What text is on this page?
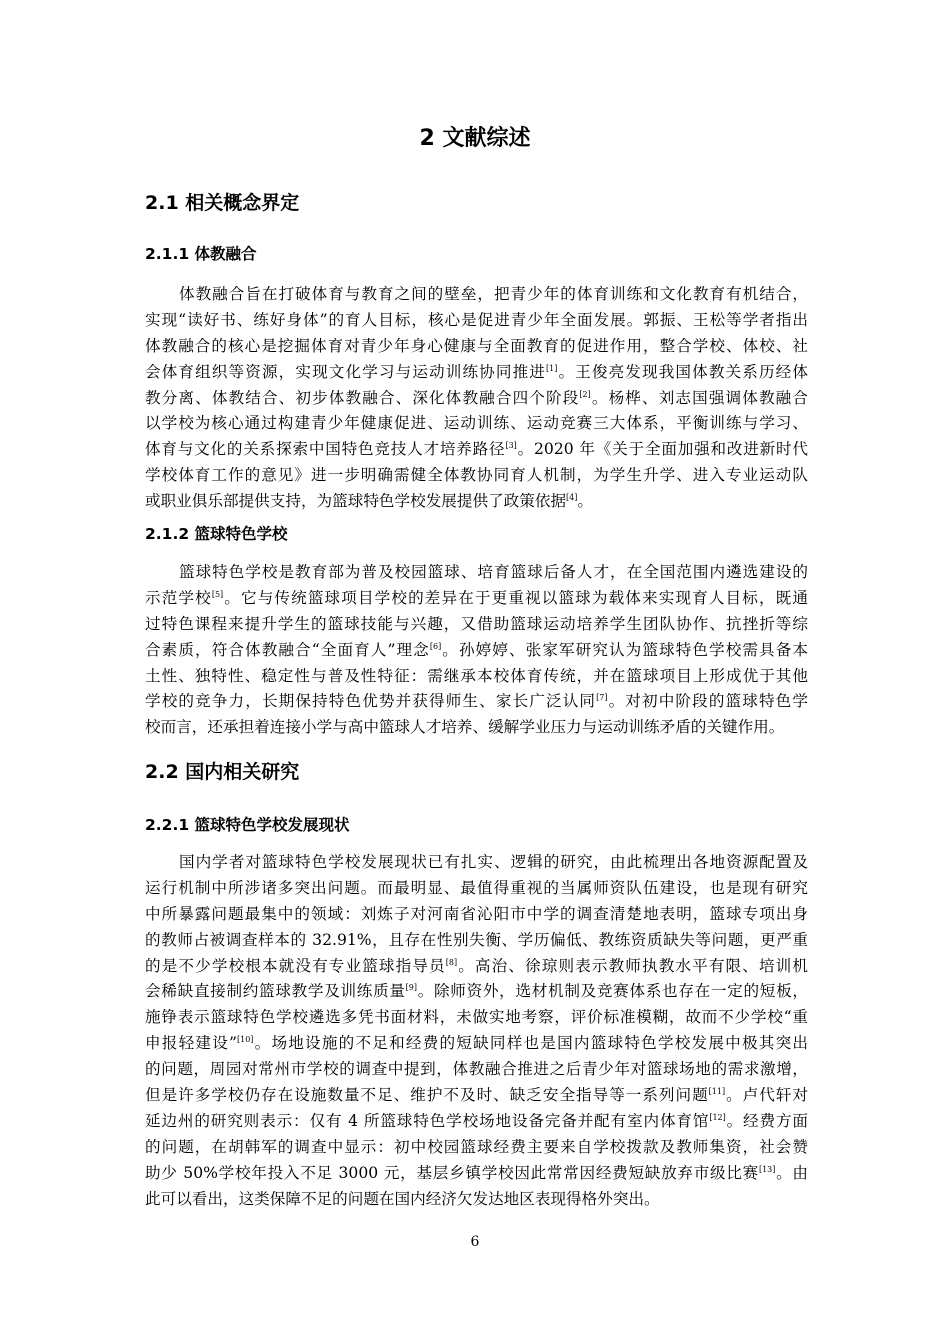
2 文献综述
2.1 相关概念界定
2.1.1 体教融合
体教融合旨在打破体育与教育之间的壁垒，把青少年的体育训练和文化教育有机结合，
实现“读好书、练好身体”的育人目标，核心是促进青少年全面发展。郭振、王松等学者指出
体教融合的核心是挖掘体育对青少年身心健康与全面教育的促进作用，整合学校、体校、社
会体育组织等资源，实现文化学习与运动训练协同推进[1]。王俊亮发现我国体教关系历经体
教分离、体教结合、初步体教融合、深化体教融合四个阶段[2]。杨桦、刘志国强调体教融合
以学校为核心通过构建青少年健康促进、运动训练、运动竞赛三大体系，平衡训练与学习、
体育与文化的关系探索中国特色竞技人才培养路径[3]。2020 年《关于全面加强和改进新时代
学校体育工作的意见》进一步明确需健全体教协同育人机制，为学生升学、进入专业运动队
或职业俱乐部提供支持，为篮球特色学校发展提供了政策依据[4]。
2.1.2 篮球特色学校
篮球特色学校是教育部为普及校园篮球、培育篮球后备人才，在全国范围内遴选建设的
示范学校[5]。它与传统篮球项目学校的差异在于更重视以篮球为载体来实现育人目标，既通
过特色课程来提升学生的篮球技能与兴趣，又借助篮球运动培养学生团队协作、抗挫折等综
合素质，符合体教融合“全面育人”理念[6]。孙婷婷、张家军研究认为篮球特色学校需具备本
土性、独特性、稳定性与普及性特征：需继承本校体育传统，并在篮球项目上形成优于其他
学校的竞争力，长期保持特色优势并获得师生、家长广泛认同[7]。对初中阶段的篮球特色学
校而言，还承担着连接小学与高中篮球人才培养、缓解学业压力与运动训练矛盾的关键作用。
2.2 国内相关研究
2.2.1 篮球特色学校发展现状
国内学者对篮球特色学校发展现状已有扎实、逻辑的研究，由此梳理出各地资源配置及
运行机制中所涉诸多突出问题。而最明显、最值得重视的当属师资队伍建设，也是现有研究
中所暴露问题最集中的领域：刘炼子对河南省沁阳市中学的调查清楚地表明，篮球专项出身
的教师占被调查样本的 32.91%，且存在性别失衡、学历偏低、教练资质缺失等问题，更严重
的是不少学校根本就没有专业篮球指导员[8]。高治、徐琼则表示教师执教水平有限、培训机
会稀缺直接制约篮球教学及训练质量[9]。除师资外，选材机制及竞赛体系也存在一定的短板，
施铮表示篮球特色学校遴选多凭书面材料，未做实地考察，评价标准模糊，故而不少学校“重
申报轻建设”[10]。场地设施的不足和经费的短缺同样也是国内篮球特色学校发展中极其突出
的问题，周园对常州市学校的调查中提到，体教融合推进之后青少年对篮球场地的需求激增，
但是许多学校仍存在设施数量不足、维护不及时、缺乏安全指导等一系列问题[11]。卢代轩对
延边州的研究则表示：仅有 4 所篮球特色学校场地设备完备并配有室内体育馆[12]。经费方面
的问题，在胡韩军的调查中显示：初中校园篮球经费主要来自学校拨款及教师集资，社会赞
助少 50%学校年投入不足 3000 元，基层乡镇学校因此常常因经费短缺放弃市级比赛[13]。由
此可以看出，这类保障不足的问题在国内经济欠发达地区表现得格外突出。
6
